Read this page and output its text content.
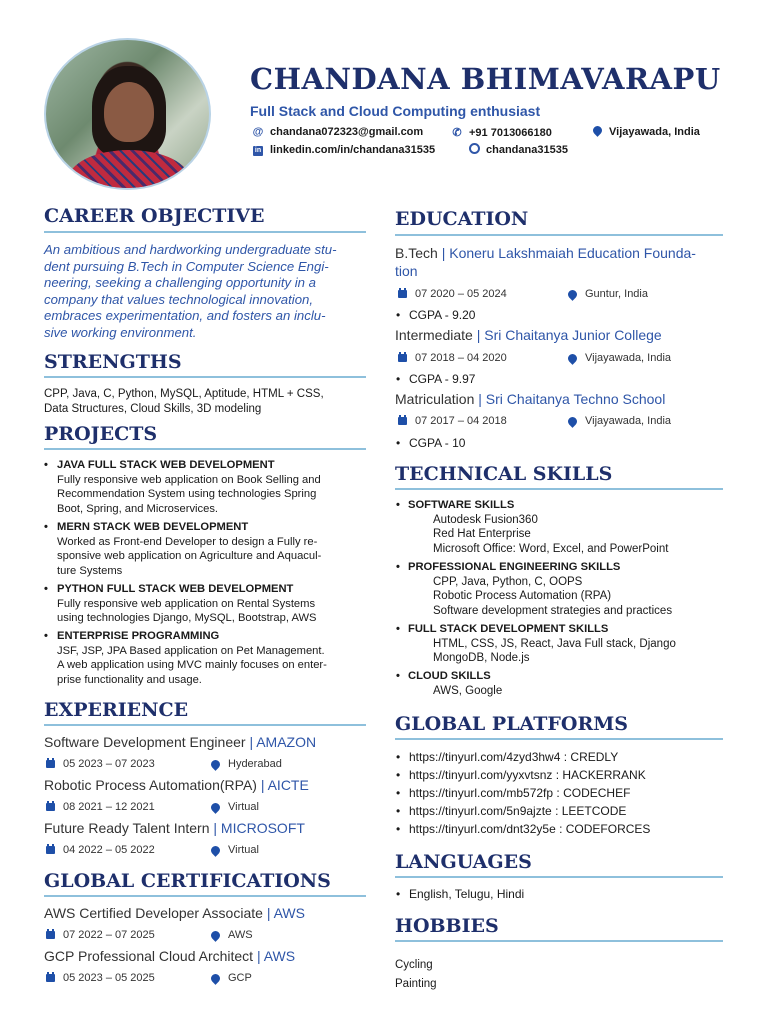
CHANDANA BHIMAVARAPU
Full Stack and Cloud Computing enthusiast
@ chandana072323@gmail.com	✆ +91 7013066180	Vijayawada, India
in linkedin.com/in/chandana31535	chandana31535
CAREER OBJECTIVE
An ambitious and hardworking undergraduate stu-
dent pursuing B.Tech in Computer Science Engi-
neering, seeking a challenging opportunity in a
company that values technological innovation,
embraces experimentation, and fosters an inclu-
sive working environment.
STRENGTHS
CPP, Java, C, Python, MySQL, Aptitude, HTML + CSS,
Data Structures, Cloud Skills, 3D modeling
PROJECTS
• JAVA FULL STACK WEB DEVELOPMENT
Fully responsive web application on Book Selling and
Recommendation System using technologies Spring
Boot, Spring, and Microservices.
• MERN STACK WEB DEVELOPMENT
Worked as Front-end Developer to design a Fully re-
sponsive web application on Agriculture and Aquacul-
ture Systems
• PYTHON FULL STACK WEB DEVELOPMENT
Fully responsive web application on Rental Systems
using technologies Django, MySQL, Bootstrap, AWS
• ENTERPRISE PROGRAMMING
JSF, JSP, JPA Based application on Pet Management.
A web application using MVC mainly focuses on enter-
prise functionality and usage.
EXPERIENCE
Software Development Engineer | AMAZON
05 2023 – 07 2023	Hyderabad
Robotic Process Automation(RPA) | AICTE
08 2021 – 12 2021	Virtual
Future Ready Talent Intern | MICROSOFT
04 2022 – 05 2022	Virtual
GLOBAL CERTIFICATIONS
AWS Certified Developer Associate | AWS
07 2022 – 07 2025	AWS
GCP Professional Cloud Architect | AWS
05 2023 – 05 2025	GCP
EDUCATION
B.Tech | Koneru Lakshmaiah Education Founda-
tion
07 2020 – 05 2024	Guntur, India
• CGPA - 9.20
Intermediate | Sri Chaitanya Junior College
07 2018 – 04 2020	Vijayawada, India
• CGPA - 9.97
Matriculation | Sri Chaitanya Techno School
07 2017 – 04 2018	Vijayawada, India
• CGPA - 10
TECHNICAL SKILLS
• SOFTWARE SKILLS
Autodesk Fusion360
Red Hat Enterprise
Microsoft Office: Word, Excel, and PowerPoint
• PROFESSIONAL ENGINEERING SKILLS
CPP, Java, Python, C, OOPS
Robotic Process Automation (RPA)
Software development strategies and practices
• FULL STACK DEVELOPMENT SKILLS
HTML, CSS, JS, React, Java Full stack, Django
MongoDB, Node.js
• CLOUD SKILLS
AWS, Google
GLOBAL PLATFORMS
• https://tinyurl.com/4zyd3hw4 : CREDLY
• https://tinyurl.com/yyxvtsnz : HACKERRANK
• https://tinyurl.com/mb572fp : CODECHEF
• https://tinyurl.com/5n9ajzte : LEETCODE
• https://tinyurl.com/dnt32y5e : CODEFORCES
LANGUAGES
• English, Telugu, Hindi
HOBBIES
Cycling
Painting
